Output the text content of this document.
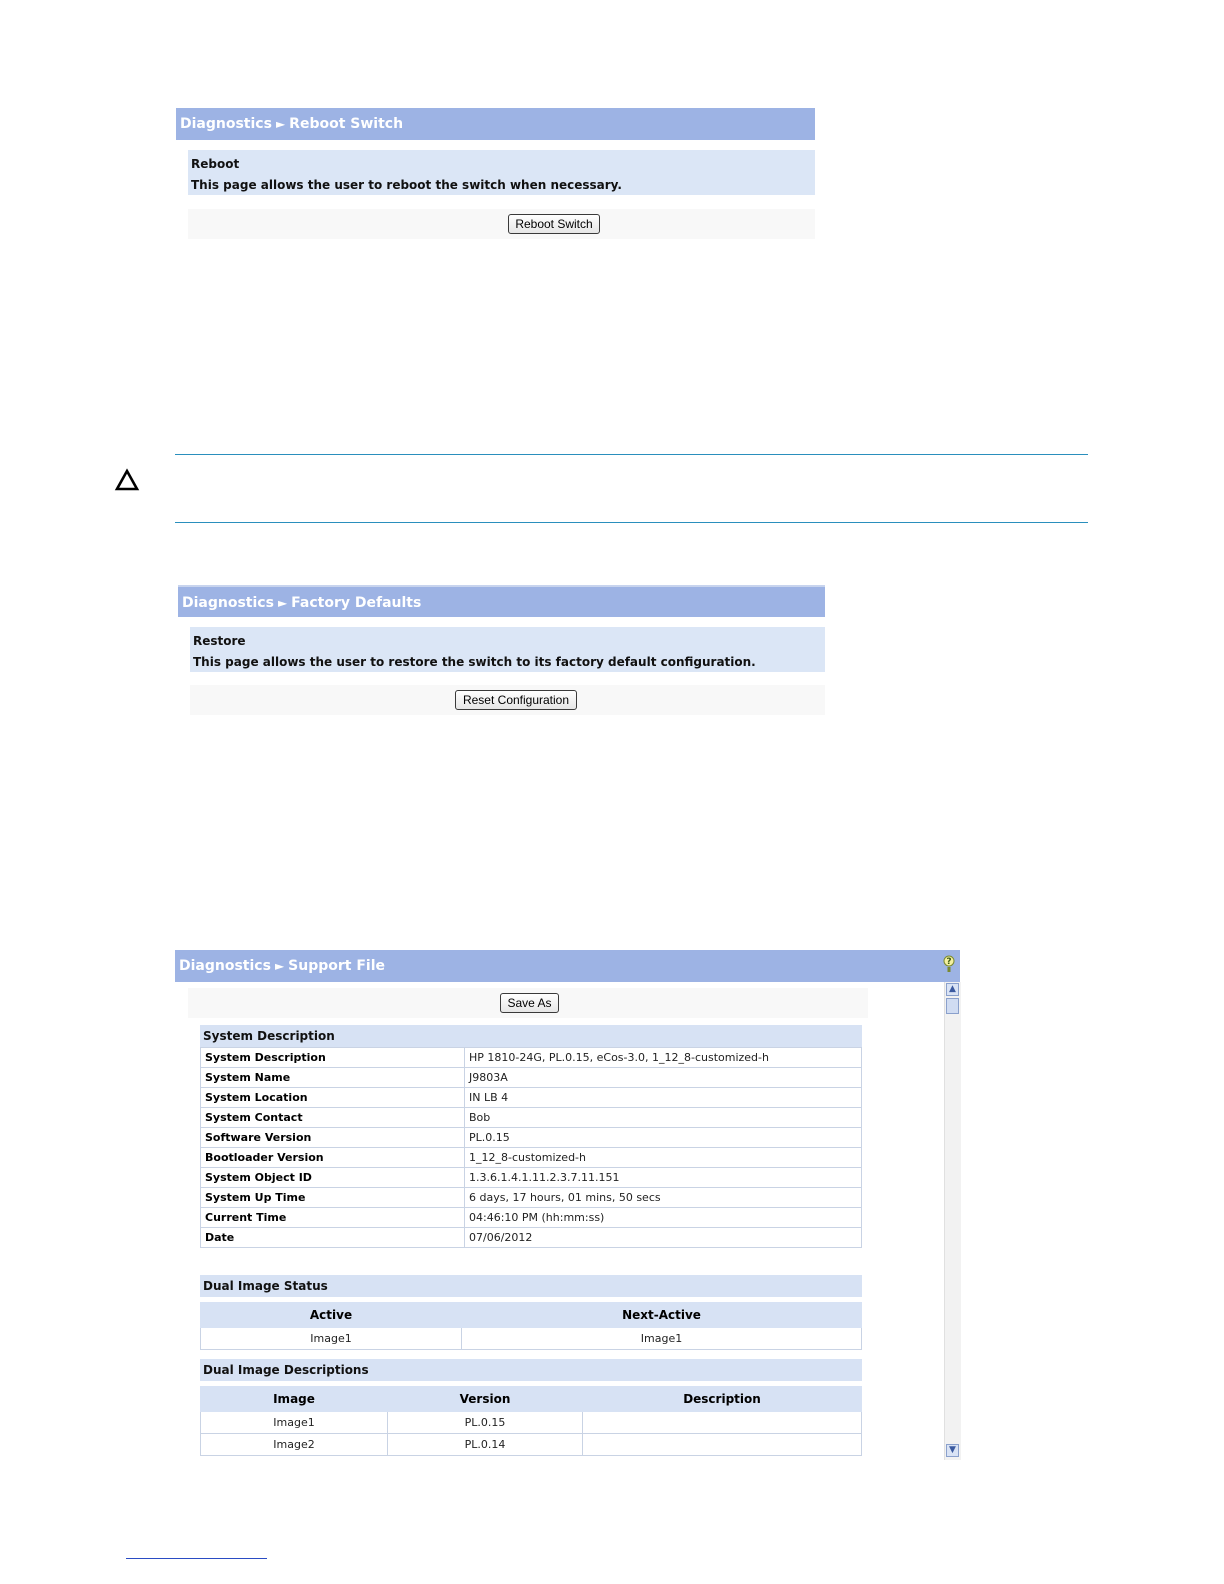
Diagnostics ► Reboot Switch
Reboot
This page allows the user to reboot the switch when necessary.
Reboot Switch
Diagnostics ► Factory Defaults
Restore
This page allows the user to restore the switch to its factory default configuration.
Reset Configuration
Diagnostics ► Support File	?
Save As
▲
▼
System Description
System Description	HP 1810-24G, PL.0.15, eCos-3.0, 1_12_8-customized-h
System Name	J9803A
System Location	IN LB 4
System Contact	Bob
Software Version	PL.0.15
Bootloader Version	1_12_8-customized-h
System Object ID	1.3.6.1.4.1.11.2.3.7.11.151
System Up Time	6 days, 17 hours, 01 mins, 50 secs
Current Time	04:46:10 PM (hh:mm:ss)
Date	07/06/2012
Dual Image Status
Active	Next-Active
Image1	Image1
Dual Image Descriptions
Image	Version	Description
Image1	PL.0.15	
Image2	PL.0.14	
